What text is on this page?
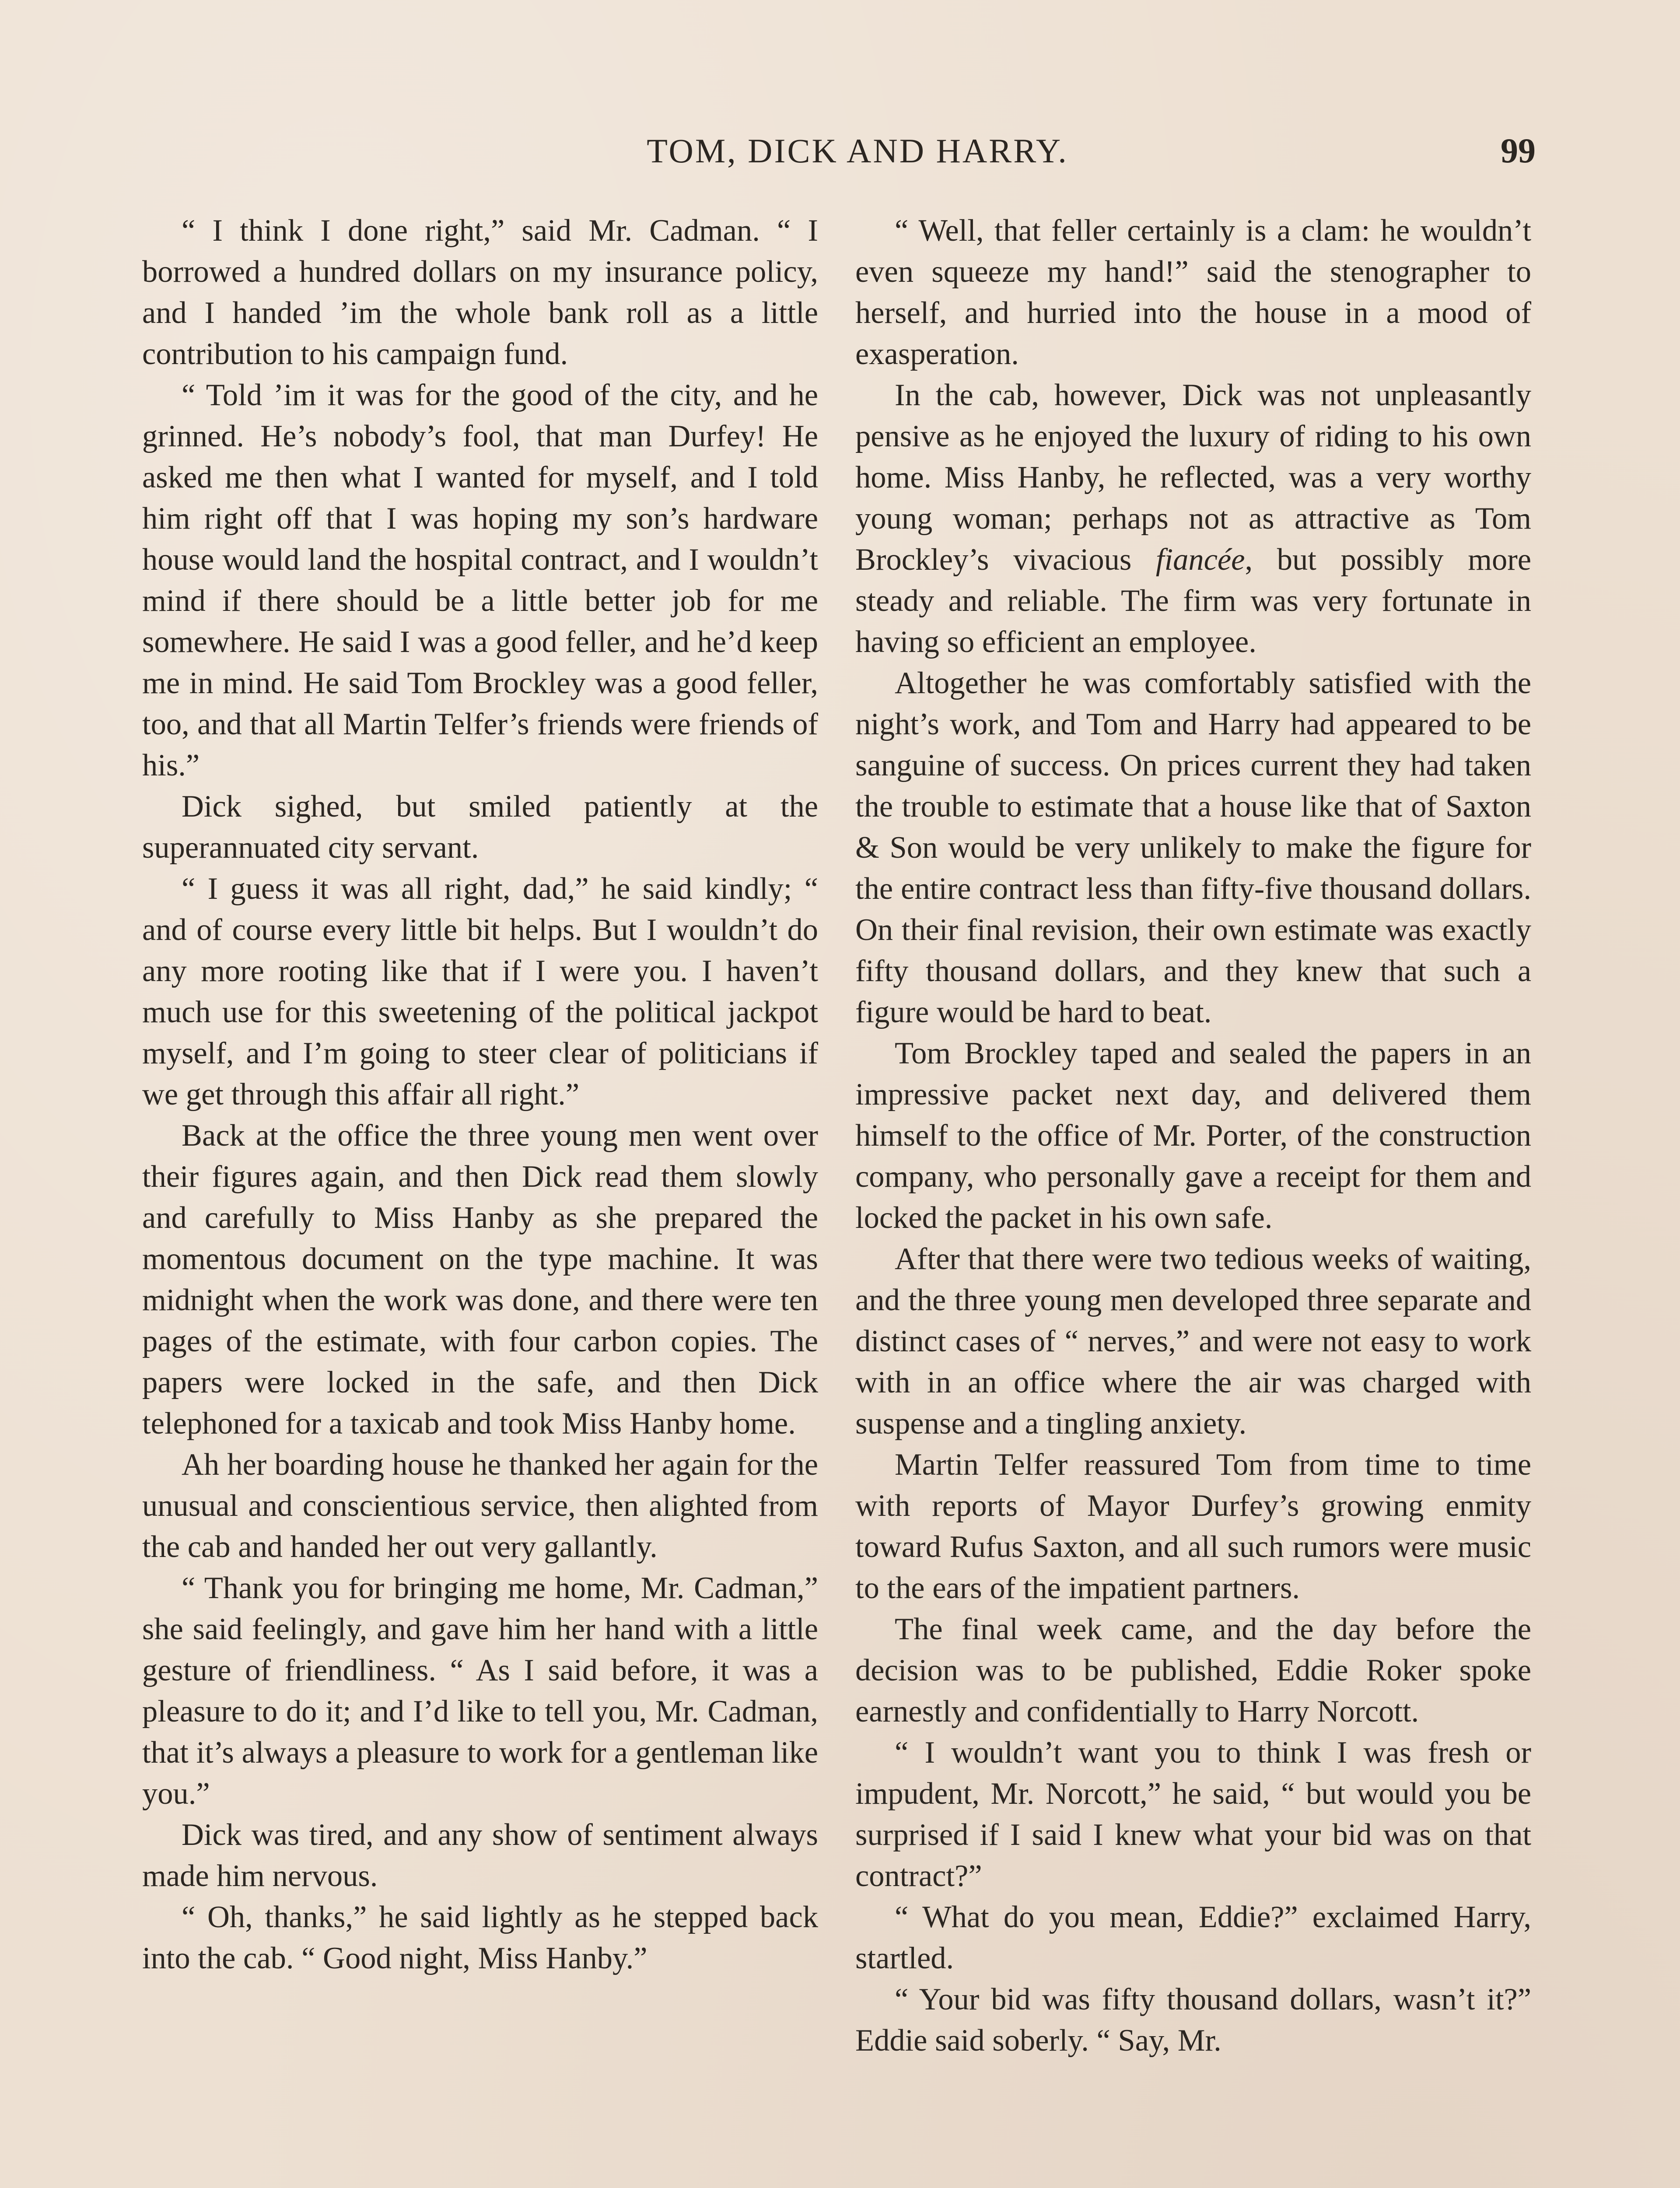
TOM, DICK AND HARRY.	99

“ I think I done right,” said Mr. Cadman. “ I borrowed a hundred dollars on my insurance policy, and I handed ’im the whole bank roll as a little contribution to his campaign fund.

“ Told ’im it was for the good of the city, and he grinned. He’s nobody’s fool, that man Durfey! He asked me then what I wanted for myself, and I told him right off that I was hoping my son’s hardware house would land the hospital contract, and I wouldn’t mind if there should be a little better job for me somewhere. He said I was a good feller, and he’d keep me in mind. He said Tom Brockley was a good feller, too, and that all Martin Telfer’s friends were friends of his.”

Dick sighed, but smiled patiently at the superannuated city servant.

“ I guess it was all right, dad,” he said kindly; “ and of course every little bit helps. But I wouldn’t do any more rooting like that if I were you. I haven’t much use for this sweetening of the political jackpot myself, and I’m going to steer clear of politicians if we get through this affair all right.”

Back at the office the three young men went over their figures again, and then Dick read them slowly and carefully to Miss Hanby as she prepared the momentous document on the type machine. It was midnight when the work was done, and there were ten pages of the estimate, with four carbon copies. The papers were locked in the safe, and then Dick telephoned for a taxicab and took Miss Hanby home.

Ah her boarding house he thanked her again for the unusual and conscientious service, then alighted from the cab and handed her out very gallantly.

“ Thank you for bringing me home, Mr. Cadman,” she said feelingly, and gave him her hand with a little gesture of friendliness. “ As I said before, it was a pleasure to do it; and I’d like to tell you, Mr. Cadman, that it’s always a pleasure to work for a gentleman like you.”

Dick was tired, and any show of sentiment always made him nervous.

“ Oh, thanks,” he said lightly as he stepped back into the cab. “ Good night, Miss Hanby.”

“ Well, that feller certainly is a clam: he wouldn’t even squeeze my hand!” said the stenographer to herself, and hurried into the house in a mood of exasperation.

In the cab, however, Dick was not unpleasantly pensive as he enjoyed the luxury of riding to his own home. Miss Hanby, he reflected, was a very worthy young woman; perhaps not as attractive as Tom Brockley’s vivacious fiancée, but possibly more steady and reliable. The firm was very fortunate in having so efficient an employee.

Altogether he was comfortably satisfied with the night’s work, and Tom and Harry had appeared to be sanguine of success. On prices current they had taken the trouble to estimate that a house like that of Saxton & Son would be very unlikely to make the figure for the entire contract less than fifty-five thousand dollars. On their final revision, their own estimate was exactly fifty thousand dollars, and they knew that such a figure would be hard to beat.

Tom Brockley taped and sealed the papers in an impressive packet next day, and delivered them himself to the office of Mr. Porter, of the construction company, who personally gave a receipt for them and locked the packet in his own safe.

After that there were two tedious weeks of waiting, and the three young men developed three separate and distinct cases of “ nerves,” and were not easy to work with in an office where the air was charged with suspense and a tingling anxiety.

Martin Telfer reassured Tom from time to time with reports of Mayor Durfey’s growing enmity toward Rufus Saxton, and all such rumors were music to the ears of the impatient partners.

The final week came, and the day before the decision was to be published, Eddie Roker spoke earnestly and confidentially to Harry Norcott.

“ I wouldn’t want you to think I was fresh or impudent, Mr. Norcott,” he said, “ but would you be surprised if I said I knew what your bid was on that contract?”

“ What do you mean, Eddie?” exclaimed Harry, startled.

“ Your bid was fifty thousand dollars, wasn’t it?” Eddie said soberly. “ Say, Mr.
